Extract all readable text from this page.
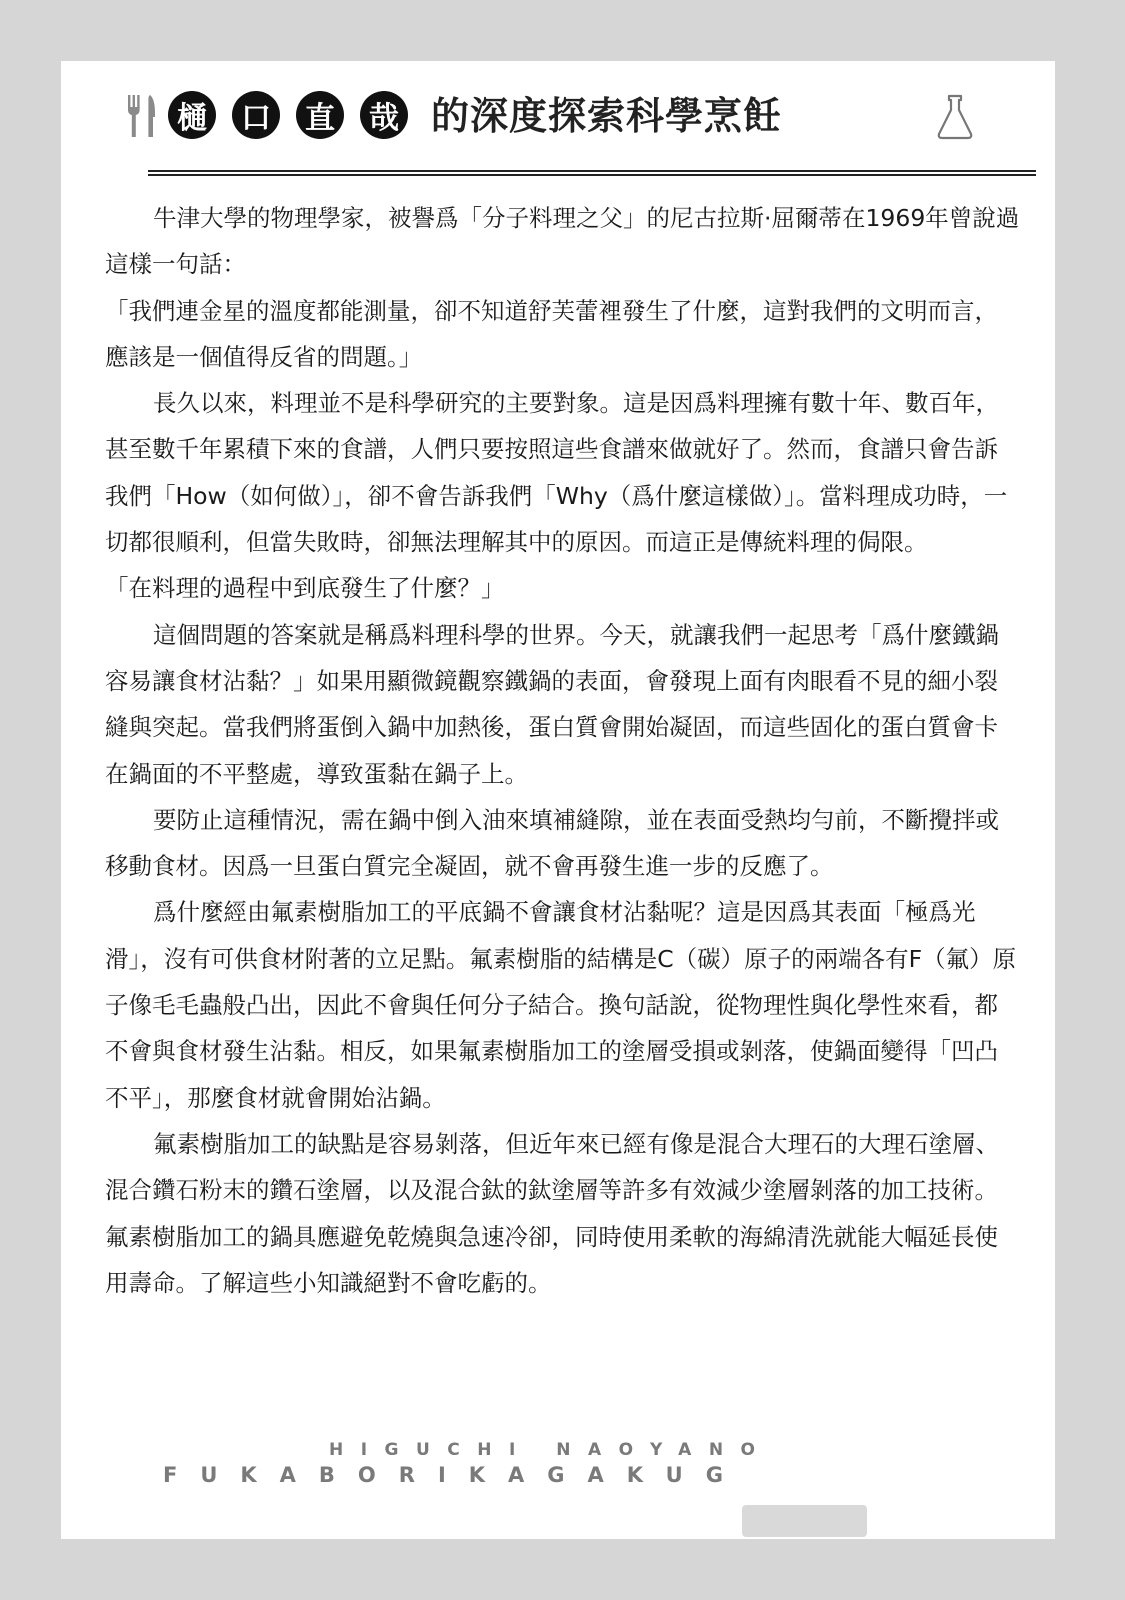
樋	口	直	哉 的深度探索科學烹飪

牛津大學的物理學家，被譽爲「分子料理之父」的尼古拉斯·屈爾蒂在1969年曾說過這樣一句話：

「我們連金星的溫度都能測量，卻不知道舒芙蕾裡發生了什麼，這對我們的文明而言，應該是一個值得反省的問題。」

長久以來，料理並不是科學研究的主要對象。這是因爲料理擁有數十年、數百年，甚至數千年累積下來的食譜，人們只要按照這些食譜來做就好了。然而，食譜只會告訴我們「How（如何做）」，卻不會告訴我們「Why（爲什麼這樣做）」。當料理成功時，一切都很順利，但當失敗時，卻無法理解其中的原因。而這正是傳統料理的侷限。

「在料理的過程中到底發生了什麼？」

這個問題的答案就是稱爲料理科學的世界。今天，就讓我們一起思考「爲什麼鐵鍋容易讓食材沾黏？」如果用顯微鏡觀察鐵鍋的表面，會發現上面有肉眼看不見的細小裂縫與突起。當我們將蛋倒入鍋中加熱後，蛋白質會開始凝固，而這些固化的蛋白質會卡在鍋面的不平整處，導致蛋黏在鍋子上。

要防止這種情況，需在鍋中倒入油來填補縫隙，並在表面受熱均勻前，不斷攪拌或移動食材。因爲一旦蛋白質完全凝固，就不會再發生進一步的反應了。

爲什麼經由氟素樹脂加工的平底鍋不會讓食材沾黏呢？這是因爲其表面「極爲光滑」，沒有可供食材附著的立足點。氟素樹脂的結構是C（碳）原子的兩端各有F（氟）原子像毛毛蟲般凸出，因此不會與任何分子結合。換句話說，從物理性與化學性來看，都不會與食材發生沾黏。相反，如果氟素樹脂加工的塗層受損或剝落，使鍋面變得「凹凸不平」，那麼食材就會開始沾鍋。

氟素樹脂加工的缺點是容易剝落，但近年來已經有像是混合大理石的大理石塗層、混合鑽石粉末的鑽石塗層，以及混合鈦的鈦塗層等許多有效減少塗層剝落的加工技術。氟素樹脂加工的鍋具應避免乾燒與急速冷卻，同時使用柔軟的海綿清洗就能大幅延長使用壽命。了解這些小知識絕對不會吃虧的。

HIGUCHI NAOYANO
FUKABORIKAGAKUG
